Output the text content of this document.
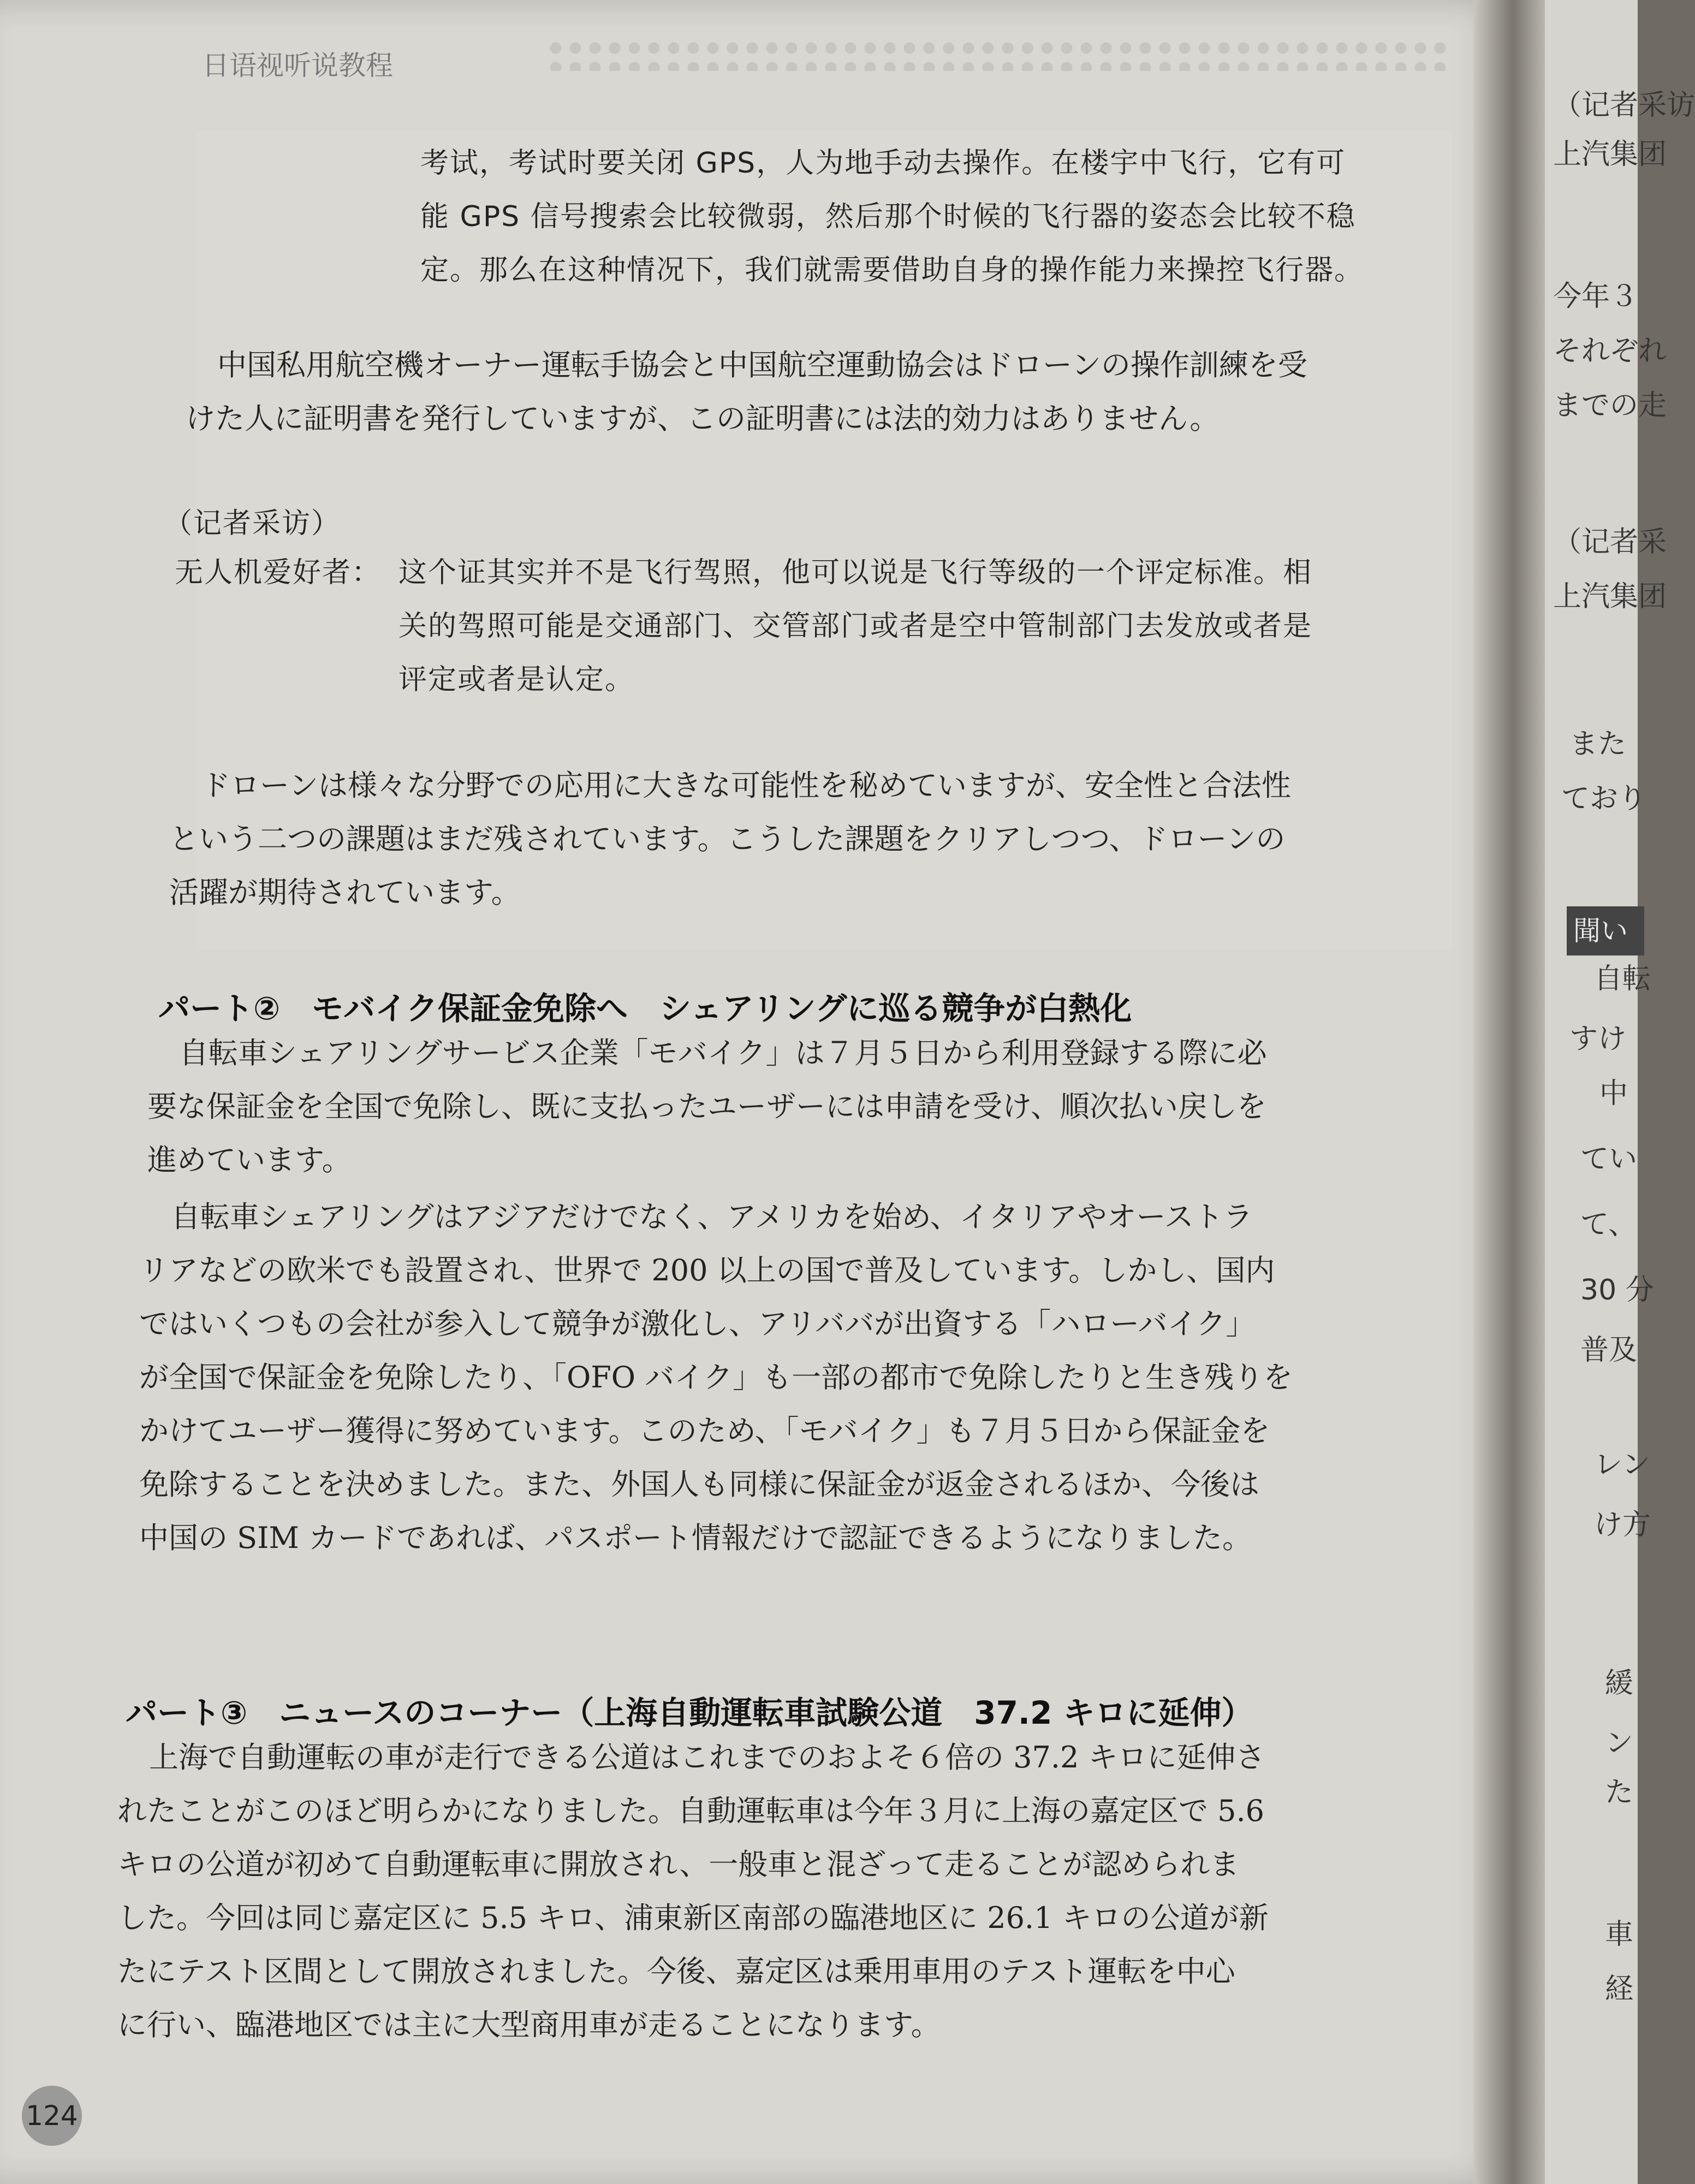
日语视听说教程
考试，考试时要关闭 GPS，人为地手动去操作。在楼宇中飞行，它有可
能 GPS 信号搜索会比较微弱，然后那个时候的飞行器的姿态会比较不稳
定。那么在这种情况下，我们就需要借助自身的操作能力来操控飞行器。
中国私用航空機オーナー運転手協会と中国航空運動協会はドローンの操作訓練を受
けた人に証明書を発行していますが、この証明書には法的効力はありません。
（记者采访）
无人机爱好者： 这个证其实并不是飞行驾照，他可以说是飞行等级的一个评定标准。相
关的驾照可能是交通部门、交管部门或者是空中管制部门去发放或者是
评定或者是认定。
ドローンは様々な分野での応用に大きな可能性を秘めていますが、安全性と合法性
という二つの課題はまだ残されています。こうした課題をクリアしつつ、ドローンの
活躍が期待されています。
パート②　モバイク保証金免除へ　シェアリングに巡る競争が白熱化
自転車シェアリングサービス企業「モバイク」は７月５日から利用登録する際に必
要な保証金を全国で免除し、既に支払ったユーザーには申請を受け、順次払い戻しを
進めています。
自転車シェアリングはアジアだけでなく、アメリカを始め、イタリアやオーストラ
リアなどの欧米でも設置され、世界で 200 以上の国で普及しています。しかし、国内
ではいくつもの会社が参入して競争が激化し、アリババが出資する「ハローバイク」
が全国で保証金を免除したり、「OFO バイク」も一部の都市で免除したりと生き残りを
かけてユーザー獲得に努めています。このため、「モバイク」も７月５日から保証金を
免除することを決めました。また、外国人も同様に保証金が返金されるほか、今後は
中国の SIM カードであれば、パスポート情報だけで認証できるようになりました。
パート③　ニュースのコーナー（上海自動運転車試験公道　37.2 キロに延伸）
上海で自動運転の車が走行できる公道はこれまでのおよそ６倍の 37.2 キロに延伸さ
れたことがこのほど明らかになりました。自動運転車は今年３月に上海の嘉定区で 5.6
キロの公道が初めて自動運転車に開放され、一般車と混ざって走ることが認められま
した。今回は同じ嘉定区に 5.5 キロ、浦東新区南部の臨港地区に 26.1 キロの公道が新
たにテスト区間として開放されました。今後、嘉定区は乗用車用のテスト運転を中心
に行い、臨港地区では主に大型商用車が走ることになります。
124
（记者采访
上汽集团
今年３
それぞれ
までの走
（记者采
上汽集团
また
ており
聞い
自転
すけ
中
てい
て、
30 分
普及
レン
け方
緩
ン
た
車
経
